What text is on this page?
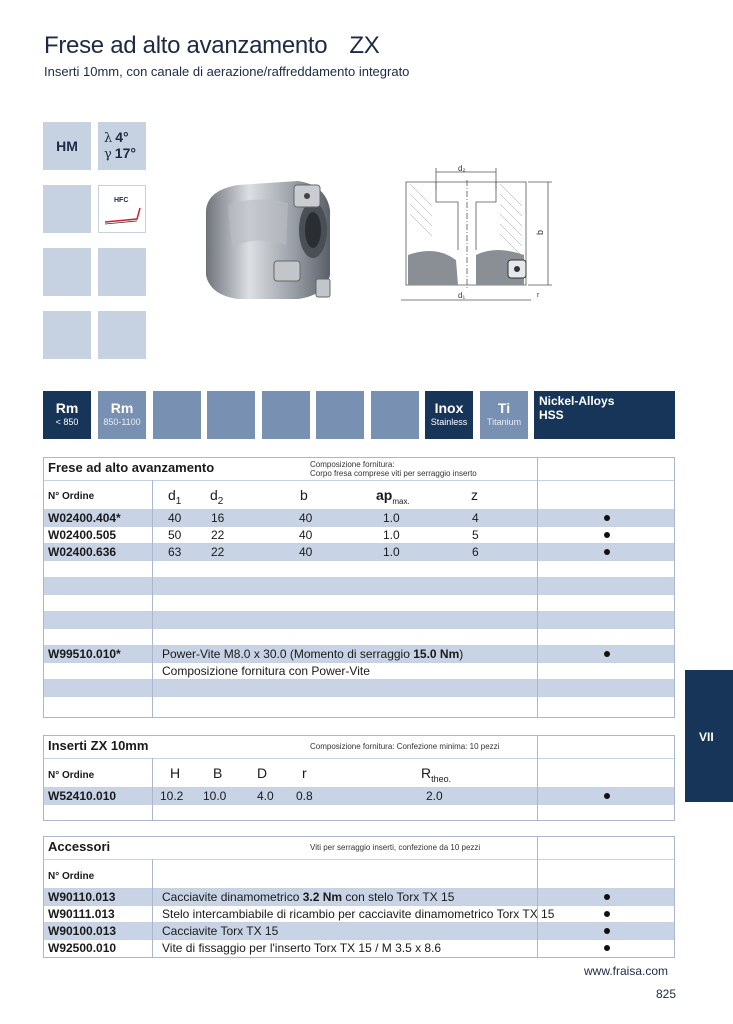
Frese ad alto avanzamento ZX
Inserti 10mm, con canale di aerazione/raffreddamento integrato
HM	λ 4°
γ 17°
HFC
d₂
d₁
b
r
Rm
< 850
Rm
850-1100
Inox
Stainless
Ti
Titanium
Nickel-Alloys
HSS
Frese ad alto avanzamento	Composizione fornitura:
Corpo fresa comprese viti per serraggio inserto
N° Ordine	$d_1$ $d_2$	b	$ap_{max.}$	z
W02400.404*	40 16	40	1.0	4
W02400.505	50 22	40	1.0	5
W02400.636	63 22	40	1.0	6
W99510.010*	Power-Vite M8.0 x 30.0 (Momento di serraggio 15.0 Nm)
Composizione fornitura con Power-Vite
Inserti ZX 10mm	Composizione fornitura: Confezione minima: 10 pezzi
N° Ordine	H B D r	$R_{theo.}$
W52410.010	10.2 10.0	4.0 0.8	2.0
Accessori	Viti per serraggio inserti, confezione da 10 pezzi
N° Ordine
W90110.013	Cacciavite dinamometrico 3.2 Nm con stelo Torx TX 15
W90111.013	Stelo intercambiabile di ricambio per cacciavite dinamometrico Torx TX 15
W90100.013	Cacciavite Torx TX 15
W92500.010	Vite di fissaggio per l'inserto Torx TX 15 / M 3.5 x 8.6
VII
www.fraisa.com
825
